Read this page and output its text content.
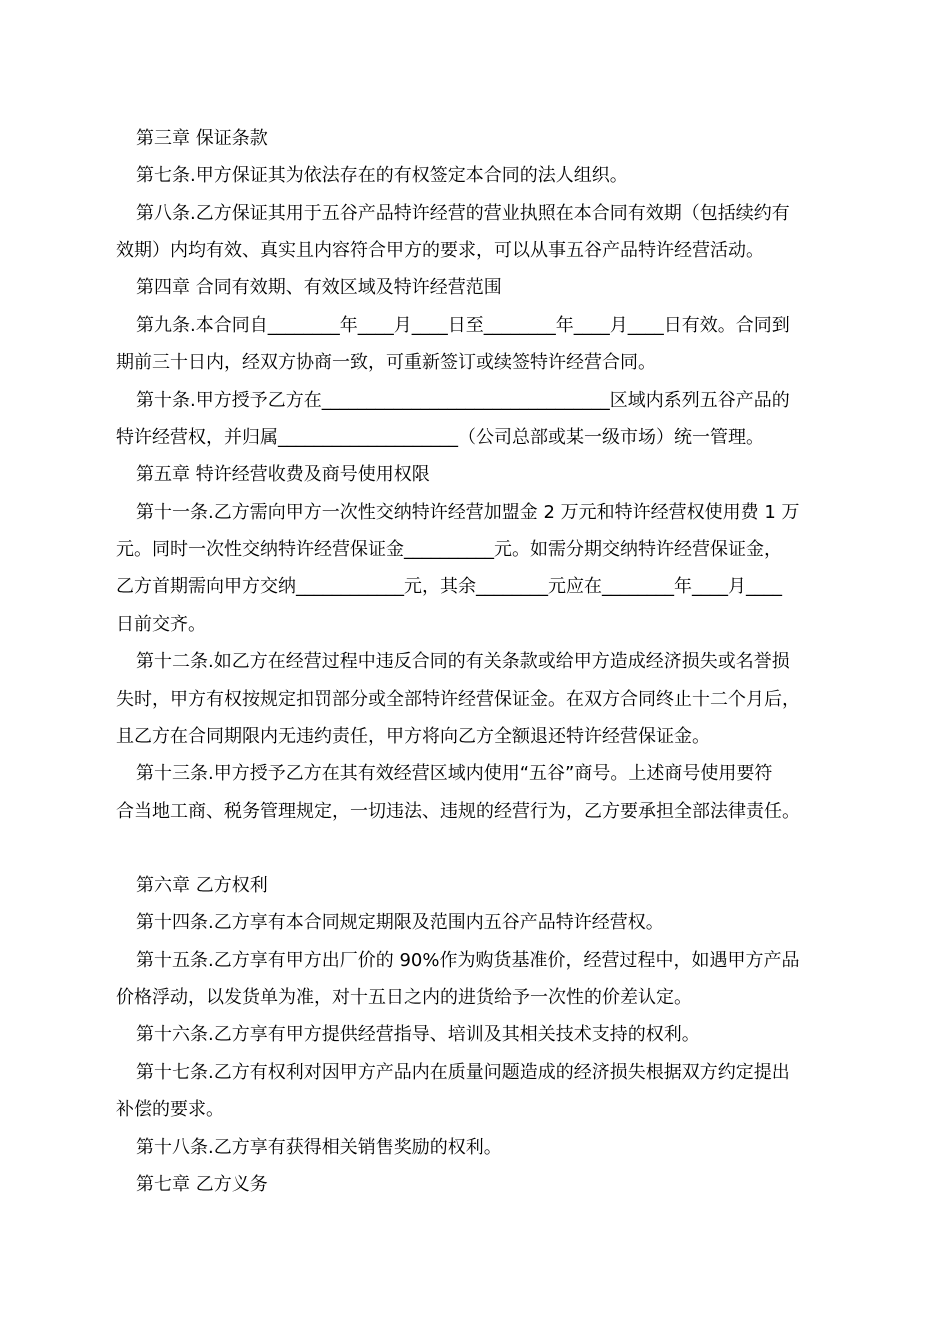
第三章 保证条款

第七条.甲方保证其为依法存在的有权签定本合同的法人组织。

第八条.乙方保证其用于五谷产品特许经营的营业执照在本合同有效期（包括续约有

效期）内均有效、真实且内容符合甲方的要求，可以从事五谷产品特许经营活动。

第四章 合同有效期、有效区域及特许经营范围

第九条.本合同自________年____月____日至________年____月____日有效。合同到

期前三十日内，经双方协商一致，可重新签订或续签特许经营合同。

第十条.甲方授予乙方在________________________________区域内系列五谷产品的

特许经营权，并归属____________________（公司总部或某一级市场）统一管理。

第五章 特许经营收费及商号使用权限

第十一条.乙方需向甲方一次性交纳特许经营加盟金 2 万元和特许经营权使用费 1 万

元。同时一次性交纳特许经营保证金__________元。如需分期交纳特许经营保证金，

乙方首期需向甲方交纳____________元，其余________元应在________年____月____

日前交齐。

第十二条.如乙方在经营过程中违反合同的有关条款或给甲方造成经济损失或名誉损

失时，甲方有权按规定扣罚部分或全部特许经营保证金。在双方合同终止十二个月后，

且乙方在合同期限内无违约责任，甲方将向乙方全额退还特许经营保证金。

第十三条.甲方授予乙方在其有效经营区域内使用“五谷”商号。上述商号使用要符

合当地工商、税务管理规定，一切违法、违规的经营行为，乙方要承担全部法律责任。

第六章 乙方权利

第十四条.乙方享有本合同规定期限及范围内五谷产品特许经营权。

第十五条.乙方享有甲方出厂价的 90%作为购货基准价，经营过程中，如遇甲方产品

价格浮动，以发货单为准，对十五日之内的进货给予一次性的价差认定。

第十六条.乙方享有甲方提供经营指导、培训及其相关技术支持的权利。

第十七条.乙方有权利对因甲方产品内在质量问题造成的经济损失根据双方约定提出

补偿的要求。

第十八条.乙方享有获得相关销售奖励的权利。

第七章 乙方义务
